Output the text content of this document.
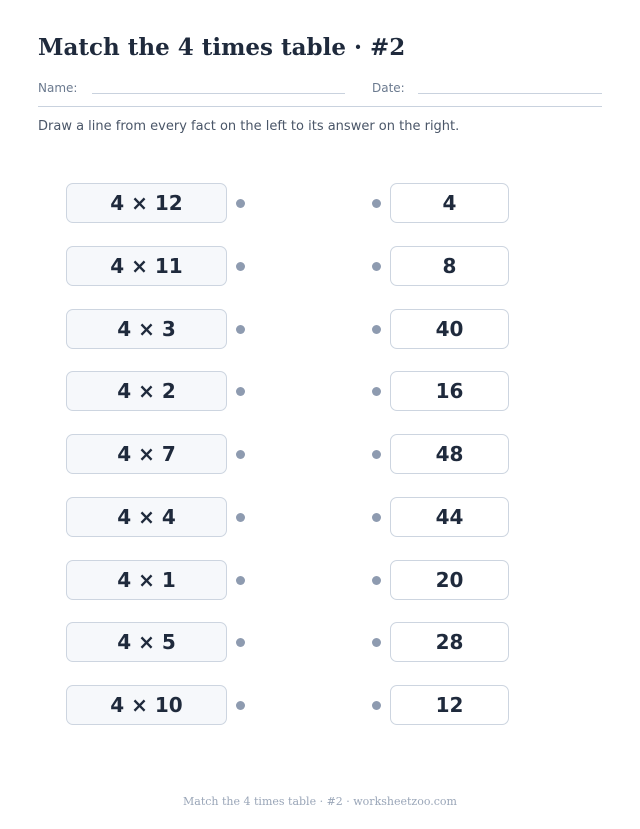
Match the 4 times table · #2
Name:	Date:
Draw a line from every fact on the left to its answer on the right.
4 × 12	4
4 × 11	8
4 × 3	40
4 × 2	16
4 × 7	48
4 × 4	44
4 × 1	20
4 × 5	28
4 × 10	12
Match the 4 times table · #2 · worksheetzoo.com
